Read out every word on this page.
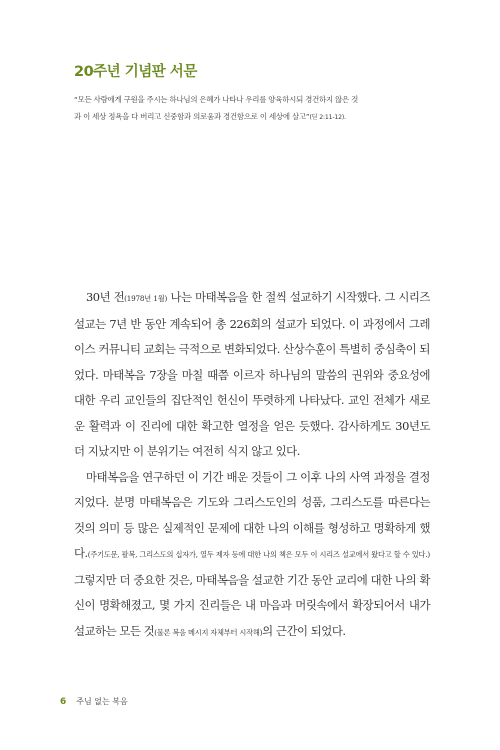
20주년 기념판 서문
“모든 사람에게 구원을 주시는 하나님의 은혜가 나타나 우리를 양육하시되 경건하지 않은 것
과 이 세상 정욕을 다 버리고 신중함과 의로움과 경건함으로 이 세상에 살고”(딛 2:11-12).

30년 전(1978년 1월) 나는 마태복음을 한 절씩 설교하기 시작했다. 그 시리즈 설교는 7년 반 동안 계속되어 총 226회의 설교가 되었다. 이 과정에서 그레이스 커뮤니티 교회는 극적으로 변화되었다. 산상수훈이 특별히 중심축이 되었다. 마태복음 7장을 마칠 때쯤 이르자 하나님의 말씀의 권위와 중요성에 대한 우리 교인들의 집단적인 헌신이 뚜렷하게 나타났다. 교인 전체가 새로운 활력과 이 진리에 대한 확고한 열정을 얻은 듯했다. 감사하게도 30년도 더 지났지만 이 분위기는 여전히 식지 않고 있다.

마태복음을 연구하던 이 기간 배운 것들이 그 이후 나의 사역 과정을 결정지었다. 분명 마태복음은 기도와 그리스도인의 성품, 그리스도를 따른다는 것의 의미 등 많은 실제적인 문제에 대한 나의 이해를 형성하고 명확하게 했다.(주기도문, 팔복, 그리스도의 십자가, 열두 제자 등에 대한 나의 책은 모두 이 시리즈 설교에서 왔다고 할 수 있다.) 그렇지만 더 중요한 것은, 마태복음을 설교한 기간 동안 교리에 대한 나의 확신이 명확해졌고, 몇 가지 진리들은 내 마음과 머릿속에서 확장되어서 내가 설교하는 모든 것(물론 복음 메시지 자체부터 시작해)의 근간이 되었다.

6 주님 없는 복음
